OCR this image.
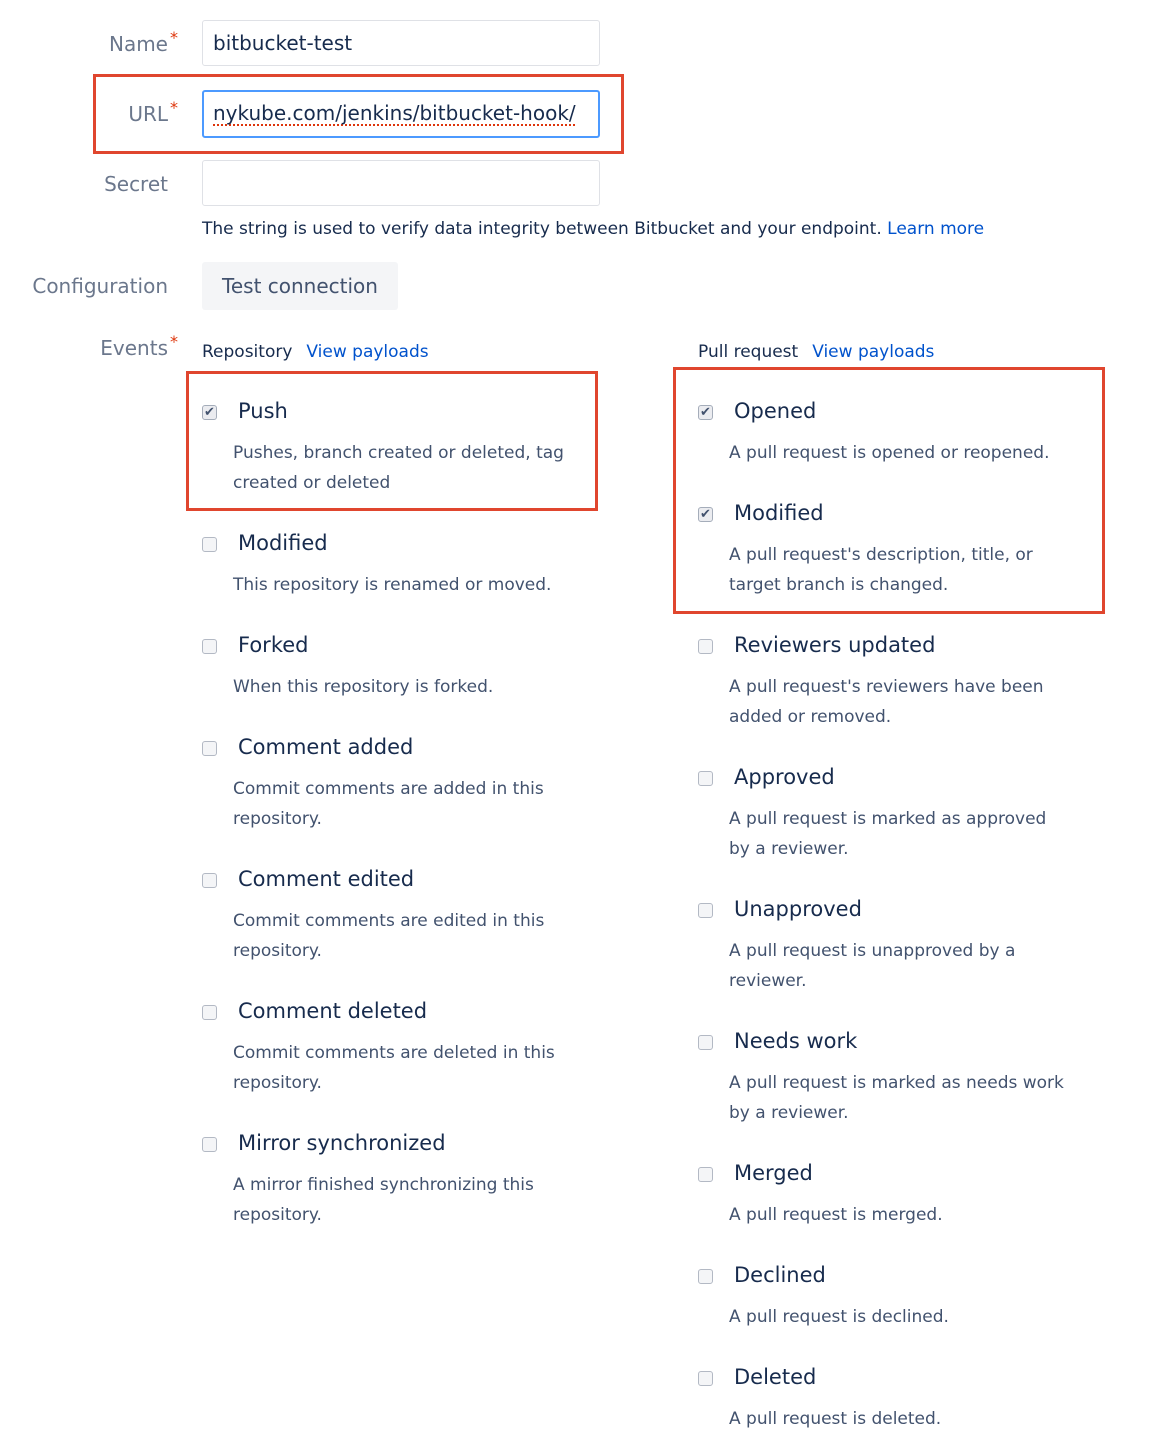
Name *	bitbucket-test
URL *	nykube.com/jenkins/bitbucket-hook/
Secret
The string is used to verify data integrity between Bitbucket and your endpoint. Learn more
Configuration	Test connection
Events *
Repository View payloads	Pull request View payloads
✔ Push
Pushes, branch created or deleted, tag created or deleted
Modified
This repository is renamed or moved.
Forked
When this repository is forked.
Comment added
Commit comments are added in this repository.
Comment edited
Commit comments are edited in this repository.
Comment deleted
Commit comments are deleted in this repository.
Mirror synchronized
A mirror finished synchronizing this repository.
✔ Opened
A pull request is opened or reopened.
✔ Modified
A pull request's description, title, or target branch is changed.
Reviewers updated
A pull request's reviewers have been added or removed.
Approved
A pull request is marked as approved by a reviewer.
Unapproved
A pull request is unapproved by a reviewer.
Needs work
A pull request is marked as needs work by a reviewer.
Merged
A pull request is merged.
Declined
A pull request is declined.
Deleted
A pull request is deleted.
